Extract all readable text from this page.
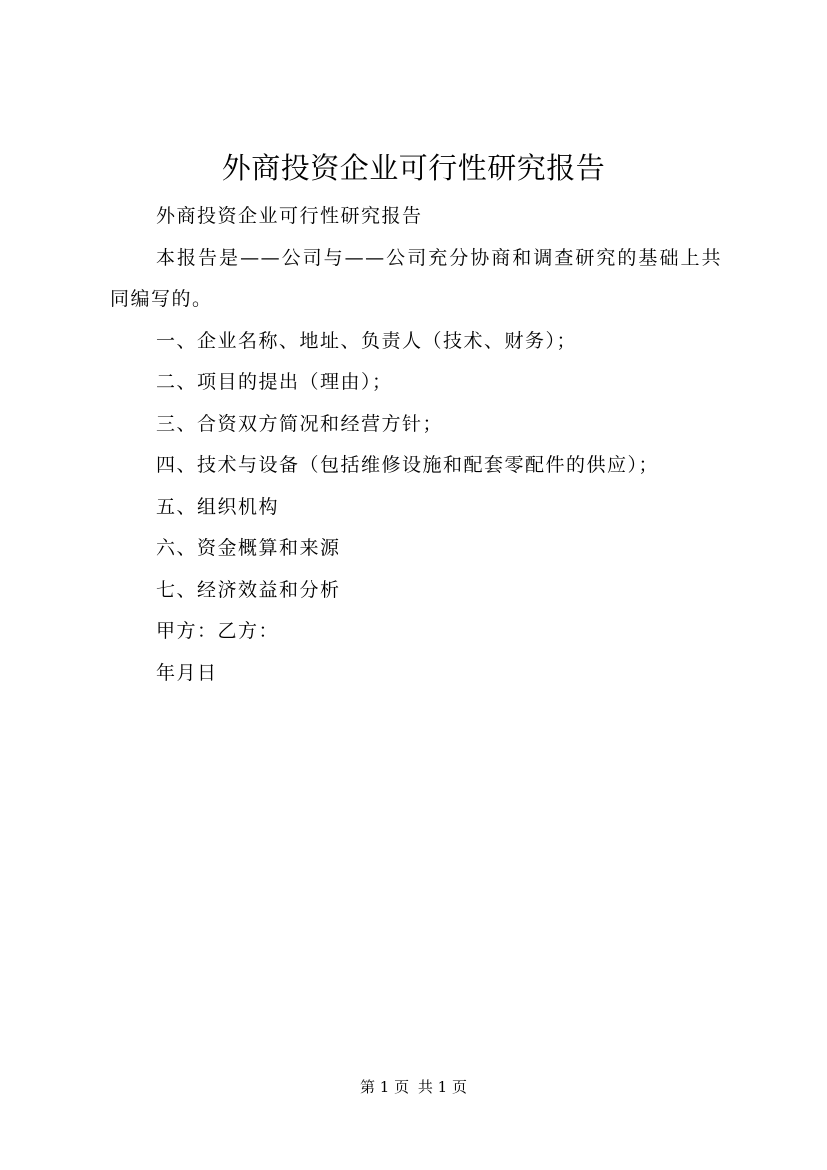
外商投资企业可行性研究报告

外商投资企业可行性研究报告

本报告是——公司与——公司充分协商和调查研究的基础上共同编写的。

一、企业名称、地址、负责人（技术、财务）；

二、项目的提出（理由）；

三、合资双方简况和经营方针；

四、技术与设备（包括维修设施和配套零配件的供应）；

五、组织机构

六、资金概算和来源

七、经济效益和分析

甲方：乙方：

年月日

第 1 页 共 1 页
